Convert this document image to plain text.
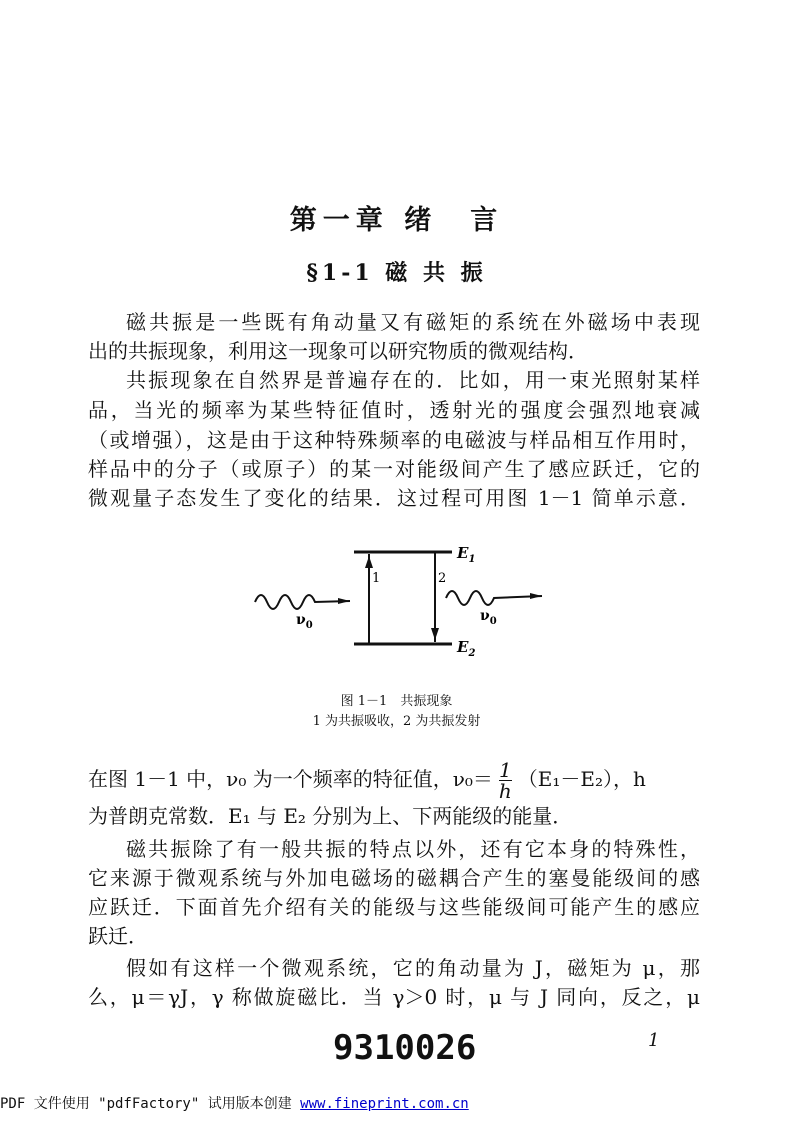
第一章 绪　言
§1-1 磁 共 振
磁共振是一些既有角动量又有磁矩的系统在外磁场中表现
出的共振现象，利用这一现象可以研究物质的微观结构．
共振现象在自然界是普遍存在的．比如，用一束光照射某样
品，当光的频率为某些特征值时，透射光的强度会强烈地衰减
（或增强），这是由于这种特殊频率的电磁波与样品相互作用时，
样品中的分子（或原子）的某一对能级间产生了感应跃迁，它的
微观量子态发生了变化的结果．这过程可用图 1－1 简单示意．
$E_1$
$E_2$
1	2
$\nu_0$
$\nu_0$
图 1－1　共振现象
1 为共振吸收，2 为共振发射
在图 1－1 中，ν₀ 为一个频率的特征值，$\nu_0= \frac{1}{h} (E_1-E_2)$，h
为普朗克常数．E₁ 与 E₂ 分别为上、下两能级的能量．
磁共振除了有一般共振的特点以外，还有它本身的特殊性，
它来源于微观系统与外加电磁场的磁耦合产生的塞曼能级间的感
应跃迁．下面首先介绍有关的能级与这些能级间可能产生的感应
跃迁．
假如有这样一个微观系统，它的角动量为 J，磁矩为 μ，那
么，μ＝γJ，γ 称做旋磁比．当 γ＞0 时，μ 与 J 同向，反之，μ
9310026	1
PDF 文件使用 "pdfFactory" 试用版本创建 www.fineprint.com.cn
